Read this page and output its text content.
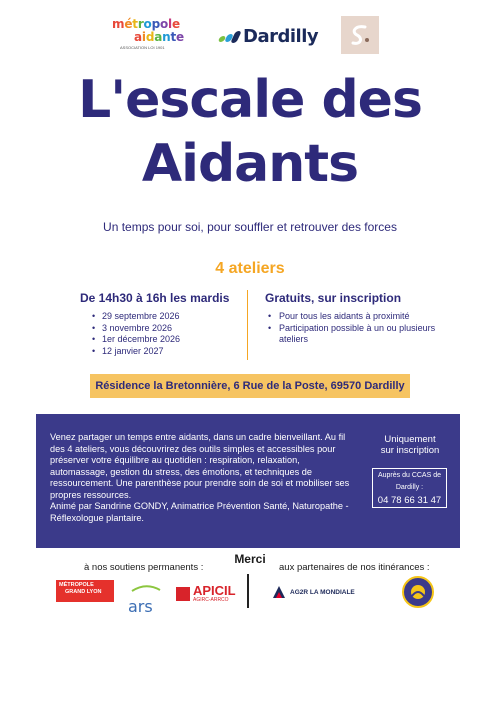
métropole
aidante
ASSOCIATION LOI 1901
Dardilly
L'escale des
Aidants
Un temps pour soi, pour souffler et retrouver des forces
4 ateliers
De 14h30 à 16h les mardis
• 29 septembre 2026
• 3 novembre 2026
• 1er décembre 2026
• 12 janvier 2027
Gratuits, sur inscription
• Pour tous les aidants à proximité
• Participation possible à un ou plusieurs ateliers
Résidence la Bretonnière, 6 Rue de la Poste, 69570 Dardilly

Venez partager un temps entre aidants, dans un cadre bienveillant. Au fil des 4 ateliers, vous découvrirez des outils simples et accessibles pour préserver votre équilibre au quotidien : respiration, relaxation, automassage, gestion du stress, des émotions, et techniques de ressourcement. Une parenthèse pour prendre soin de soi et mobiliser ses propres ressources.

Animé par Sandrine GONDY, Animatrice Prévention Santé, Naturopathe - Réflexologue plantaire.

Uniquement
sur inscription
Auprès du CCAS de
Dardilly :
04 78 66 31 47
Merci
à nos soutiens permanents :	aux partenaires de nos itinérances :
MÉTROPOLE
GRAND LYON
ars
APICIL
AGIRC-ARRCO
AG2R LA MONDIALE
